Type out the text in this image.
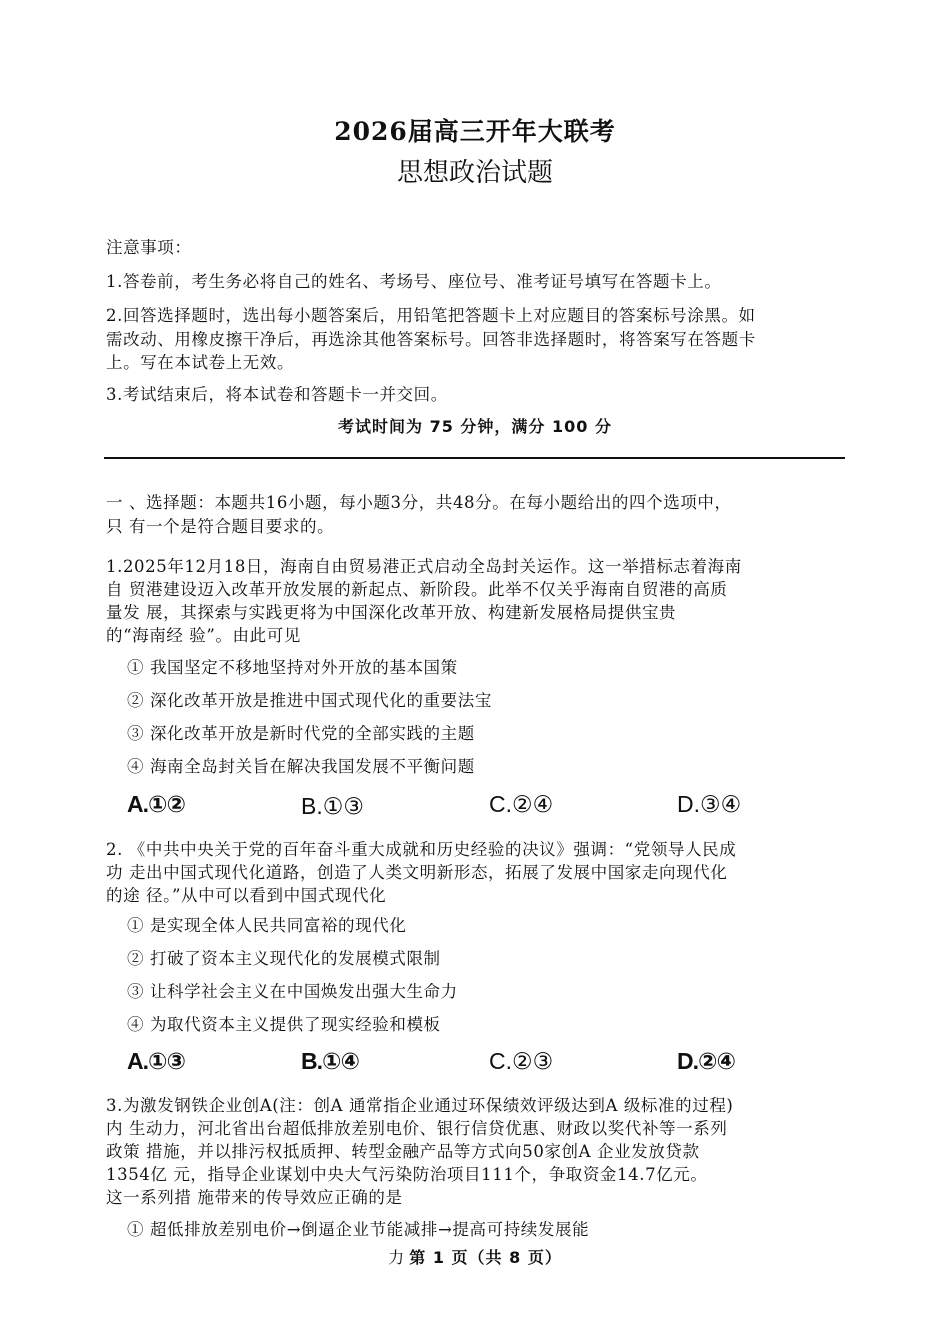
2026届高三开年大联考
思想政治试题
注意事项：
1.答卷前，考生务必将自己的姓名、考场号、座位号、准考证号填写在答题卡上。
2.回答选择题时，选出每小题答案后，用铅笔把答题卡上对应题目的答案标号涂黑。如
需改动、用橡皮擦干净后，再选涂其他答案标号。回答非选择题时，将答案写在答题卡
上。写在本试卷上无效。
3.考试结束后，将本试卷和答题卡一并交回。
考试时间为 75 分钟，满分 100 分
一 、选择题：本题共16小题，每小题3分，共48分。在每小题给出的四个选项中，
只 有一个是符合题目要求的。
1.2025年12月18日，海南自由贸易港正式启动全岛封关运作。这一举措标志着海南
自 贸港建设迈入改革开放发展的新起点、新阶段。此举不仅关乎海南自贸港的高质
量发 展，其探索与实践更将为中国深化改革开放、构建新发展格局提供宝贵
的“海南经 验”。由此可见
① 我国坚定不移地坚持对外开放的基本国策
② 深化改革开放是推进中国式现代化的重要法宝
③ 深化改革开放是新时代党的全部实践的主题
④ 海南全岛封关旨在解决我国发展不平衡问题
A.①②	B.①③	C.②④	D.③④
2. 《中共中央关于党的百年奋斗重大成就和历史经验的决议》强调：“党领导人民成
功 走出中国式现代化道路，创造了人类文明新形态，拓展了发展中国家走向现代化
的途 径。”从中可以看到中国式现代化
① 是实现全体人民共同富裕的现代化
② 打破了资本主义现代化的发展模式限制
③ 让科学社会主义在中国焕发出强大生命力
④ 为取代资本主义提供了现实经验和模板
A.①③	B.①④	C.②③	D.②④
3.为激发钢铁企业创A(注：创A 通常指企业通过环保绩效评级达到A 级标准的过程)
内 生动力，河北省出台超低排放差别电价、银行信贷优惠、财政以奖代补等一系列
政策 措施，并以排污权抵质押、转型金融产品等方式向50家创A 企业发放贷款
1354亿 元，指导企业谋划中央大气污染防治项目111个，争取资金14.7亿元。
这一系列措 施带来的传导效应正确的是
① 超低排放差别电价→倒逼企业节能减排→提高可持续发展能
力 第 1 页（共 8 页）
